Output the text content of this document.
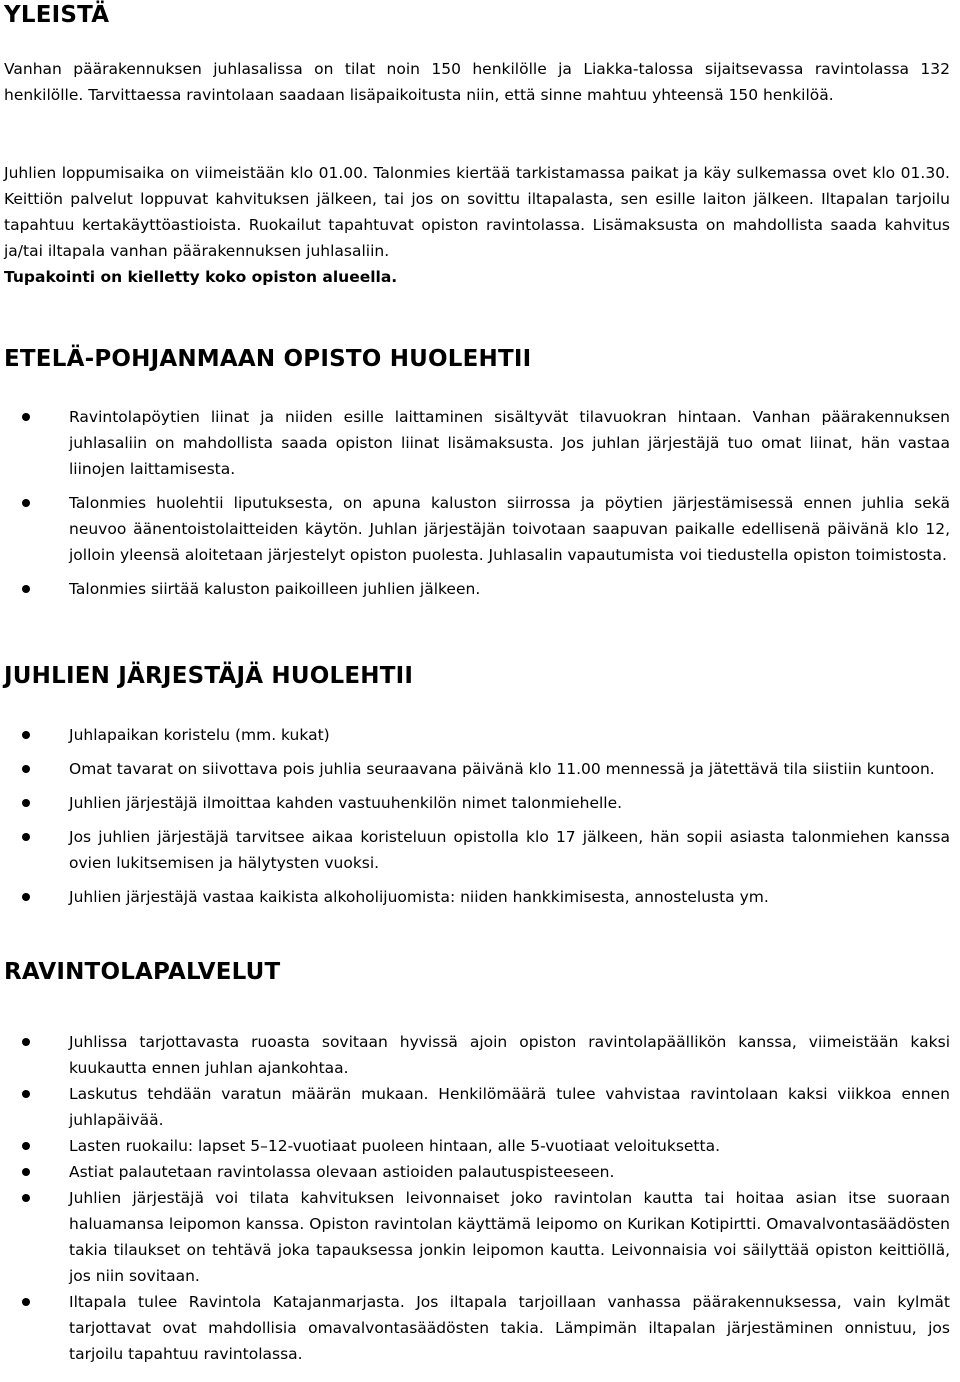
YLEISTÄ

Vanhan päärakennuksen juhlasalissa on tilat noin 150 henkilölle ja Liakka-talossa sijaitsevassa ravintolassa 132 henkilölle. Tarvittaessa ravintolaan saadaan lisäpaikoitusta niin, että sinne mahtuu yhteensä 150 henkilöä.

Juhlien loppumisaika on viimeistään klo 01.00. Talonmies kiertää tarkistamassa paikat ja käy sulkemassa ovet klo 01.30. Keittiön palvelut loppuvat kahvituksen jälkeen, tai jos on sovittu iltapalasta, sen esille laiton jälkeen. Iltapalan tarjoilu tapahtuu kertakäyttöastioista. Ruokailut tapahtuvat opiston ravintolassa. Lisämaksusta on mahdollista saada kahvitus ja/tai iltapala vanhan päärakennuksen juhlasaliin.
Tupakointi on kielletty koko opiston alueella.

ETELÄ-POHJANMAAN OPISTO HUOLEHTII
Ravintolapöytien liinat ja niiden esille laittaminen sisältyvät tilavuokran hintaan. Vanhan päärakennuksen juhlasaliin on mahdollista saada opiston liinat lisämaksusta. Jos juhlan järjestäjä tuo omat liinat, hän vastaa liinojen laittamisesta.
Talonmies huolehtii liputuksesta, on apuna kaluston siirrossa ja pöytien järjestämisessä ennen juhlia sekä neuvoo äänentoistolaitteiden käytön. Juhlan järjestäjän toivotaan saapuvan paikalle edellisenä päivänä klo 12, jolloin yleensä aloitetaan järjestelyt opiston puolesta. Juhlasalin vapautumista voi tiedustella opiston toimistosta.
Talonmies siirtää kaluston paikoilleen juhlien jälkeen.
JUHLIEN JÄRJESTÄJÄ HUOLEHTII
Juhlapaikan koristelu (mm. kukat)
Omat tavarat on siivottava pois juhlia seuraavana päivänä klo 11.00 mennessä ja jätettävä tila siistiin kuntoon.
Juhlien järjestäjä ilmoittaa kahden vastuuhenkilön nimet talonmiehelle.
Jos juhlien järjestäjä tarvitsee aikaa koristeluun opistolla klo 17 jälkeen, hän sopii asiasta talonmiehen kanssa ovien lukitsemisen ja hälytysten vuoksi.
Juhlien järjestäjä vastaa kaikista alkoholijuomista: niiden hankkimisesta, annostelusta ym.
RAVINTOLAPALVELUT
Juhlissa tarjottavasta ruoasta sovitaan hyvissä ajoin opiston ravintolapäällikön kanssa, viimeistään kaksi kuukautta ennen juhlan ajankohtaa.
Laskutus tehdään varatun määrän mukaan. Henkilömäärä tulee vahvistaa ravintolaan kaksi viikkoa ennen juhlapäivää.
Lasten ruokailu: lapset 5–12-vuotiaat puoleen hintaan, alle 5-vuotiaat veloituksetta.
Astiat palautetaan ravintolassa olevaan astioiden palautuspisteeseen.
Juhlien järjestäjä voi tilata kahvituksen leivonnaiset joko ravintolan kautta tai hoitaa asian itse suoraan haluamansa leipomon kanssa. Opiston ravintolan käyttämä leipomo on Kurikan Kotipirtti. Omavalvontasäädösten takia tilaukset on tehtävä joka tapauksessa jonkin leipomon kautta. Leivonnaisia voi säilyttää opiston keittiöllä, jos niin sovitaan.
Iltapala tulee Ravintola Katajanmarjasta. Jos iltapala tarjoillaan vanhassa päärakennuksessa, vain kylmät tarjottavat ovat mahdollisia omavalvontasäädösten takia. Lämpimän iltapalan järjestäminen onnistuu, jos tarjoilu tapahtuu ravintolassa.
